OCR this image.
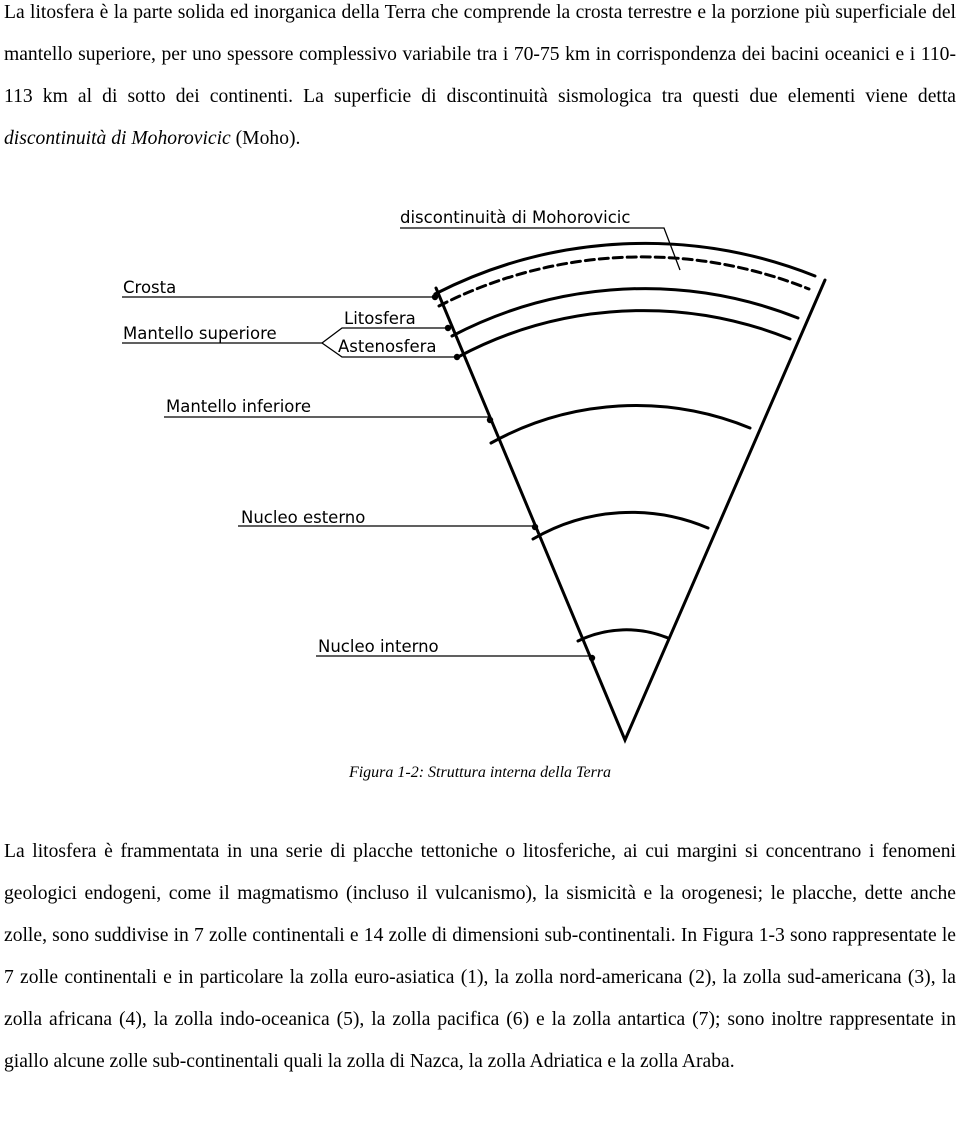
La litosfera è la parte solida ed inorganica della Terra che comprende la crosta terrestre e la porzione più superficiale del mantello superiore, per uno spessore complessivo variabile tra i 70-75 km in corrispondenza dei bacini oceanici e i 110-113 km al di sotto dei continenti. La superficie di discontinuità sismologica tra questi due elementi viene detta discontinuità di Mohorovicic (Moho).

discontinuità di Mohorovicic
Crosta
Mantello superiore
Litosfera
Astenosfera
Mantello inferiore
Nucleo esterno
Nucleo interno
Figura 1-2: Struttura interna della Terra

La litosfera è frammentata in una serie di placche tettoniche o litosferiche, ai cui margini si concentrano i fenomeni geologici endogeni, come il magmatismo (incluso il vulcanismo), la sismicità e la orogenesi; le placche, dette anche zolle, sono suddivise in 7 zolle continentali e 14 zolle di dimensioni sub-continentali. In Figura 1-3 sono rappresentate le 7 zolle continentali e in particolare la zolla euro-asiatica (1), la zolla nord-americana (2), la zolla sud-americana (3), la zolla africana (4), la zolla indo-oceanica (5), la zolla pacifica (6) e la zolla antartica (7); sono inoltre rappresentate in giallo alcune zolle sub-continentali quali la zolla di Nazca, la zolla Adriatica e la zolla Araba.
